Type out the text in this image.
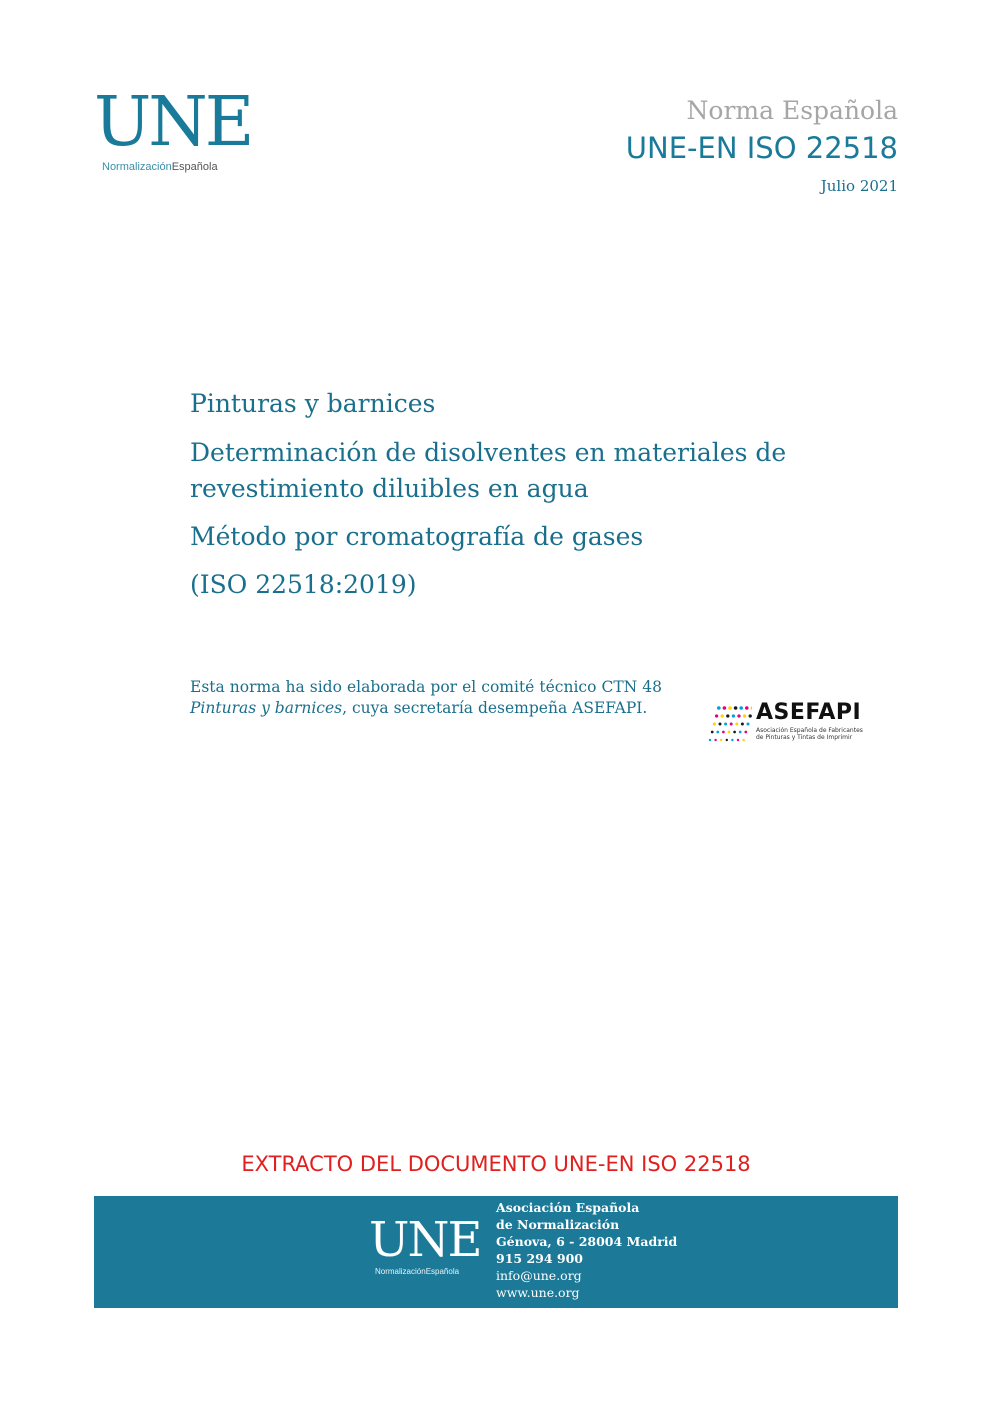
UNE
NormalizaciónEspañola
Norma Española
UNE-EN ISO 22518
Julio 2021
Pinturas y barnices
Determinación de disolventes en materiales de
revestimiento diluibles en agua
Método por cromatografía de gases
(ISO 22518:2019)
Esta norma ha sido elaborada por el comité técnico CTN 48 Pinturas y barnices, cuya secretaría desempeña ASEFAPI.	ASEFAPI
Asociación Española de Fabricantes
de Pinturas y Tintas de Imprimir
EXTRACTO DEL DOCUMENTO UNE-EN ISO 22518
UNE
NormalizaciónEspañola
Asociación Española
de Normalización
Génova, 6 - 28004 Madrid
915 294 900
info@une.org
www.une.org
